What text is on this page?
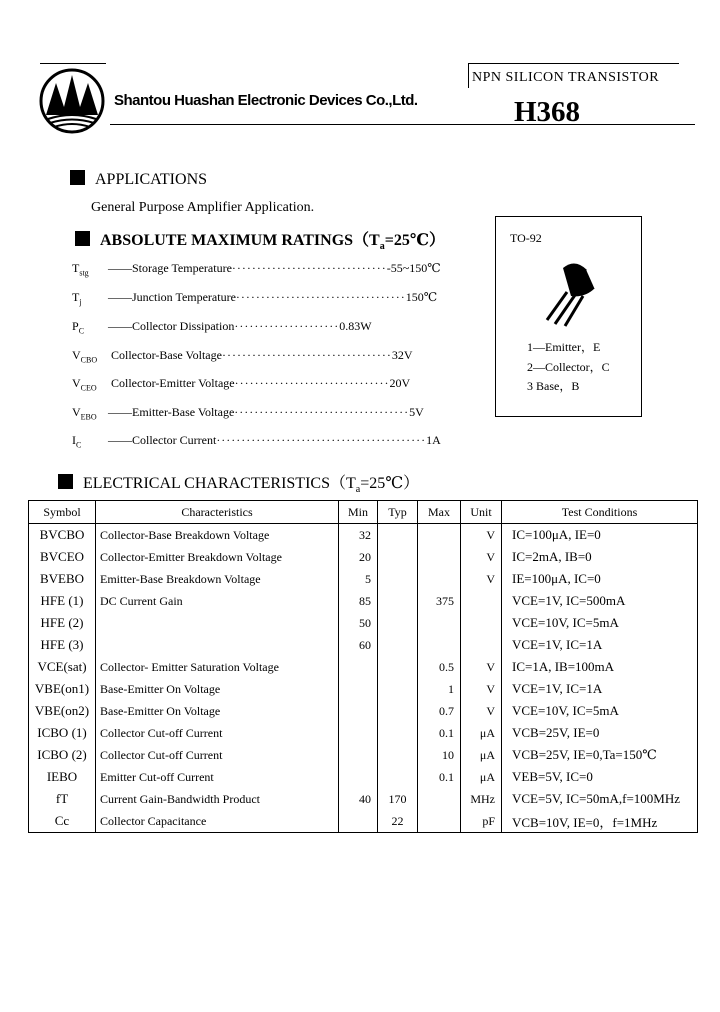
Shantou Huashan Electronic Devices Co.,Ltd.
NPN SILICON TRANSISTOR
H368
APPLICATIONS
General Purpose Amplifier Application.
ABSOLUTE MAXIMUM $RATINGS(T_a=25℃)$
$T_{stg}$ ——Storage Temperature·······························-55~150℃
$T_j$ ——Junction Temperature··································150℃
$P_C$ ——Collector Dissipation·····················0.83W
$V_{CBO}$ Collector-Base Voltage··································32V
$V_{CEO}$ Collector-Emitter Voltage·······························20V
$V_{EBO}$ ——Emitter-Base Voltage···································5V
$I_C$ ——Collector Current··········································1A
TO-92
1—Emitter，E
2—Collector，C
3 Base，B
ELECTRICAL $CHARACTERISTICS(T_a=25℃)$
Symbol	Characteristics	Min	Typ	Max	Unit	Test Conditions
BVCBO	Collector-Base Breakdown Voltage	32			V	IC=100μA, IE=0
BVCEO	Collector-Emitter Breakdown Voltage	20			V	IC=2mA, IB=0
BVEBO	Emitter-Base Breakdown Voltage	5			V	IE=100μA, IC=0
HFE (1)	DC Current Gain	85		375		VCE=1V, IC=500mA
HFE (2)		50				VCE=10V, IC=5mA
HFE (3)		60				VCE=1V, IC=1A
VCE(sat)	Collector- Emitter Saturation Voltage			0.5	V	IC=1A, IB=100mA
VBE(on1)	Base-Emitter On Voltage			1	V	VCE=1V, IC=1A
VBE(on2)	Base-Emitter On Voltage			0.7	V	VCE=10V, IC=5mA
ICBO (1)	Collector Cut-off Current			0.1	μA	VCB=25V, IE=0
ICBO (2)	Collector Cut-off Current			10	μA	VCB=25V, IE=0,Ta=150℃
IEBO	Emitter Cut-off Current			0.1	μA	VEB=5V, IC=0
fT	Current Gain-Bandwidth Product	40	170		MHz	VCE=5V, IC=50mA,f=100MHz
Cc	Collector Capacitance		22		pF	VCB=10V, IE=0，f=1MHz
